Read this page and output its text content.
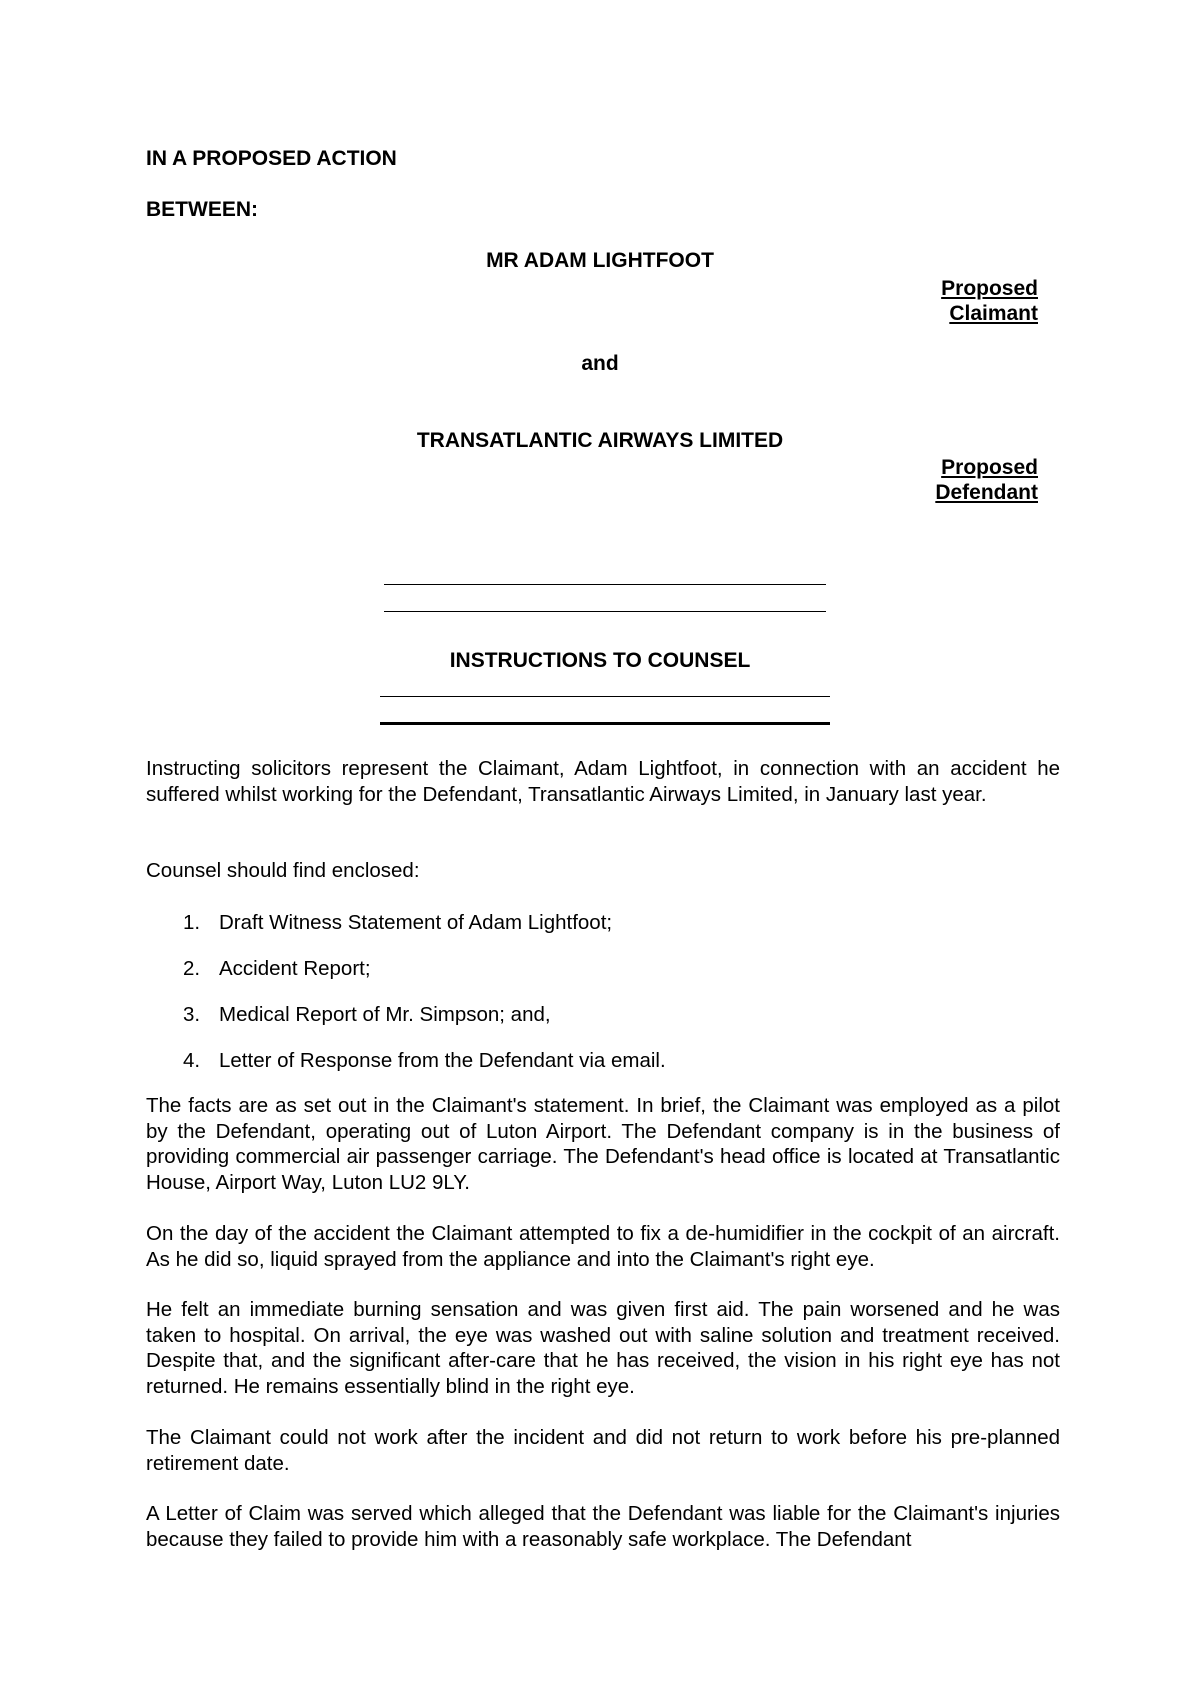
IN A PROPOSED ACTION
BETWEEN:
MR ADAM LIGHTFOOT
Proposed
Claimant
and
TRANSATLANTIC AIRWAYS LIMITED
Proposed
Defendant
INSTRUCTIONS TO COUNSEL

Instructing solicitors represent the Claimant, Adam Lightfoot, in connection with an accident he suffered whilst working for the Defendant, Transatlantic Airways Limited, in January last year.

Counsel should find enclosed:

1. Draft Witness Statement of Adam Lightfoot;
2. Accident Report;
3. Medical Report of Mr. Simpson; and,
4. Letter of Response from the Defendant via email.

The facts are as set out in the Claimant's statement. In brief, the Claimant was employed as a pilot by the Defendant, operating out of Luton Airport. The Defendant company is in the business of providing commercial air passenger carriage. The Defendant's head office is located at Transatlantic House, Airport Way, Luton LU2 9LY.

On the day of the accident the Claimant attempted to fix a de-humidifier in the cockpit of an aircraft. As he did so, liquid sprayed from the appliance and into the Claimant's right eye.

He felt an immediate burning sensation and was given first aid. The pain worsened and he was taken to hospital. On arrival, the eye was washed out with saline solution and treatment received. Despite that, and the significant after-care that he has received, the vision in his right eye has not returned. He remains essentially blind in the right eye.

The Claimant could not work after the incident and did not return to work before his pre-planned retirement date.

A Letter of Claim was served which alleged that the Defendant was liable for the Claimant's injuries because they failed to provide him with a reasonably safe workplace. The Defendant
